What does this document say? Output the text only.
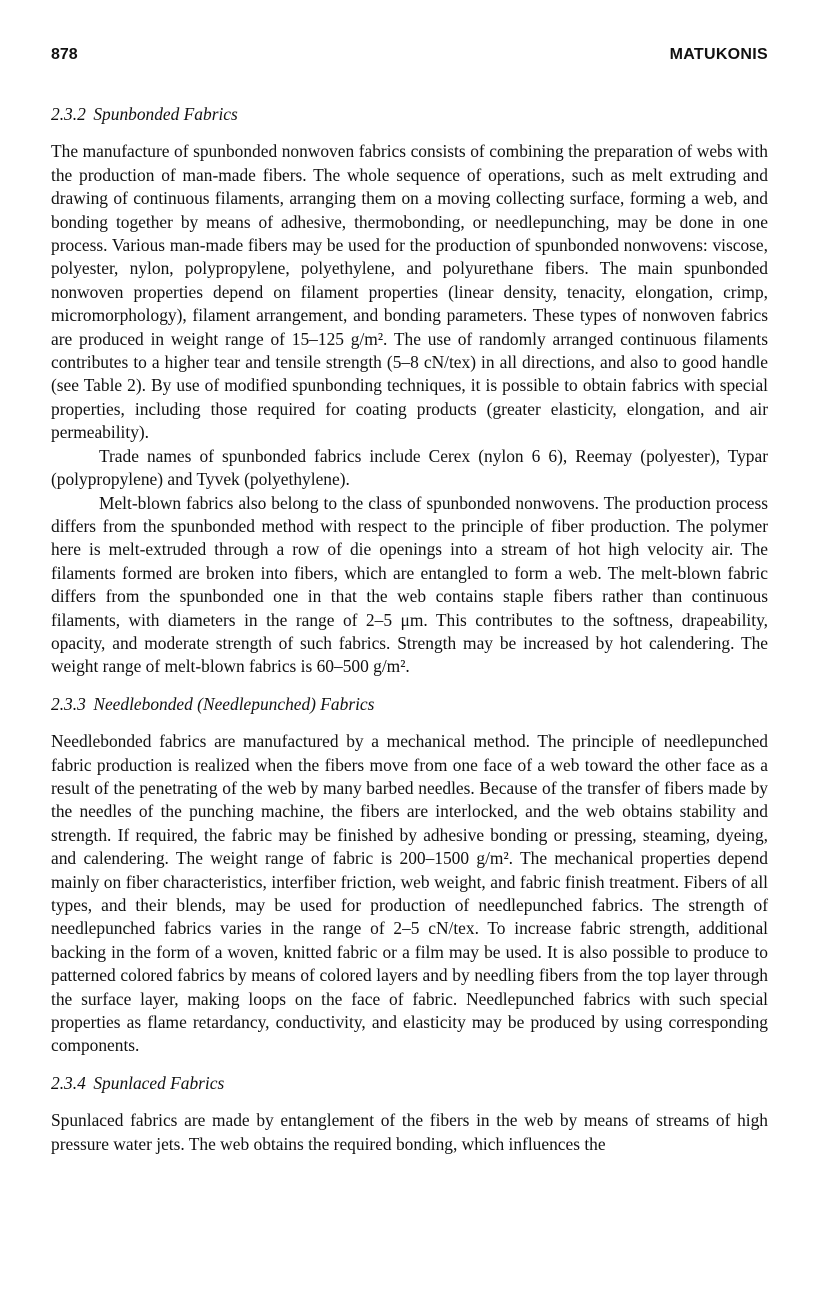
878	MATUKONIS
2.3.2 Spunbonded Fabrics

The manufacture of spunbonded nonwoven fabrics consists of combining the preparation of webs with the production of man-made fibers. The whole sequence of operations, such as melt extruding and drawing of continuous filaments, arranging them on a moving collecting surface, forming a web, and bonding together by means of adhesive, thermobonding, or needlepunching, may be done in one process. Various man-made fibers may be used for the production of spunbonded nonwovens: viscose, polyester, nylon, polypropylene, polyethylene, and polyurethane fibers. The main spunbonded nonwoven properties depend on filament properties (linear density, tenacity, elongation, crimp, micromorphology), filament arrangement, and bonding parameters. These types of nonwoven fabrics are produced in weight range of 15–125 g/m². The use of randomly arranged continuous filaments contributes to a higher tear and tensile strength (5–8 cN/tex) in all directions, and also to good handle (see Table 2). By use of modified spunbonding techniques, it is possible to obtain fabrics with special properties, including those required for coating products (greater elasticity, elongation, and air permeability).

Trade names of spunbonded fabrics include Cerex (nylon 6 6), Reemay (polyester), Typar (polypropylene) and Tyvek (polyethylene).

Melt-blown fabrics also belong to the class of spunbonded nonwovens. The production process differs from the spunbonded method with respect to the principle of fiber production. The polymer here is melt-extruded through a row of die openings into a stream of hot high velocity air. The filaments formed are broken into fibers, which are entangled to form a web. The melt-blown fabric differs from the spunbonded one in that the web contains staple fibers rather than continuous filaments, with diameters in the range of 2–5 μm. This contributes to the softness, drapeability, opacity, and moderate strength of such fabrics. Strength may be increased by hot calendering. The weight range of melt-blown fabrics is 60–500 g/m².

2.3.3 Needlebonded (Needlepunched) Fabrics

Needlebonded fabrics are manufactured by a mechanical method. The principle of needlepunched fabric production is realized when the fibers move from one face of a web toward the other face as a result of the penetrating of the web by many barbed needles. Because of the transfer of fibers made by the needles of the punching machine, the fibers are interlocked, and the web obtains stability and strength. If required, the fabric may be finished by adhesive bonding or pressing, steaming, dyeing, and calendering. The weight range of fabric is 200–1500 g/m². The mechanical properties depend mainly on fiber characteristics, interfiber friction, web weight, and fabric finish treatment. Fibers of all types, and their blends, may be used for production of needlepunched fabrics. The strength of needlepunched fabrics varies in the range of 2–5 cN/tex. To increase fabric strength, additional backing in the form of a woven, knitted fabric or a film may be used. It is also possible to produce to patterned colored fabrics by means of colored layers and by needling fibers from the top layer through the surface layer, making loops on the face of fabric. Needlepunched fabrics with such special properties as flame retardancy, conductivity, and elasticity may be produced by using corresponding components.

2.3.4 Spunlaced Fabrics

Spunlaced fabrics are made by entanglement of the fibers in the web by means of streams of high pressure water jets. The web obtains the required bonding, which influences the
